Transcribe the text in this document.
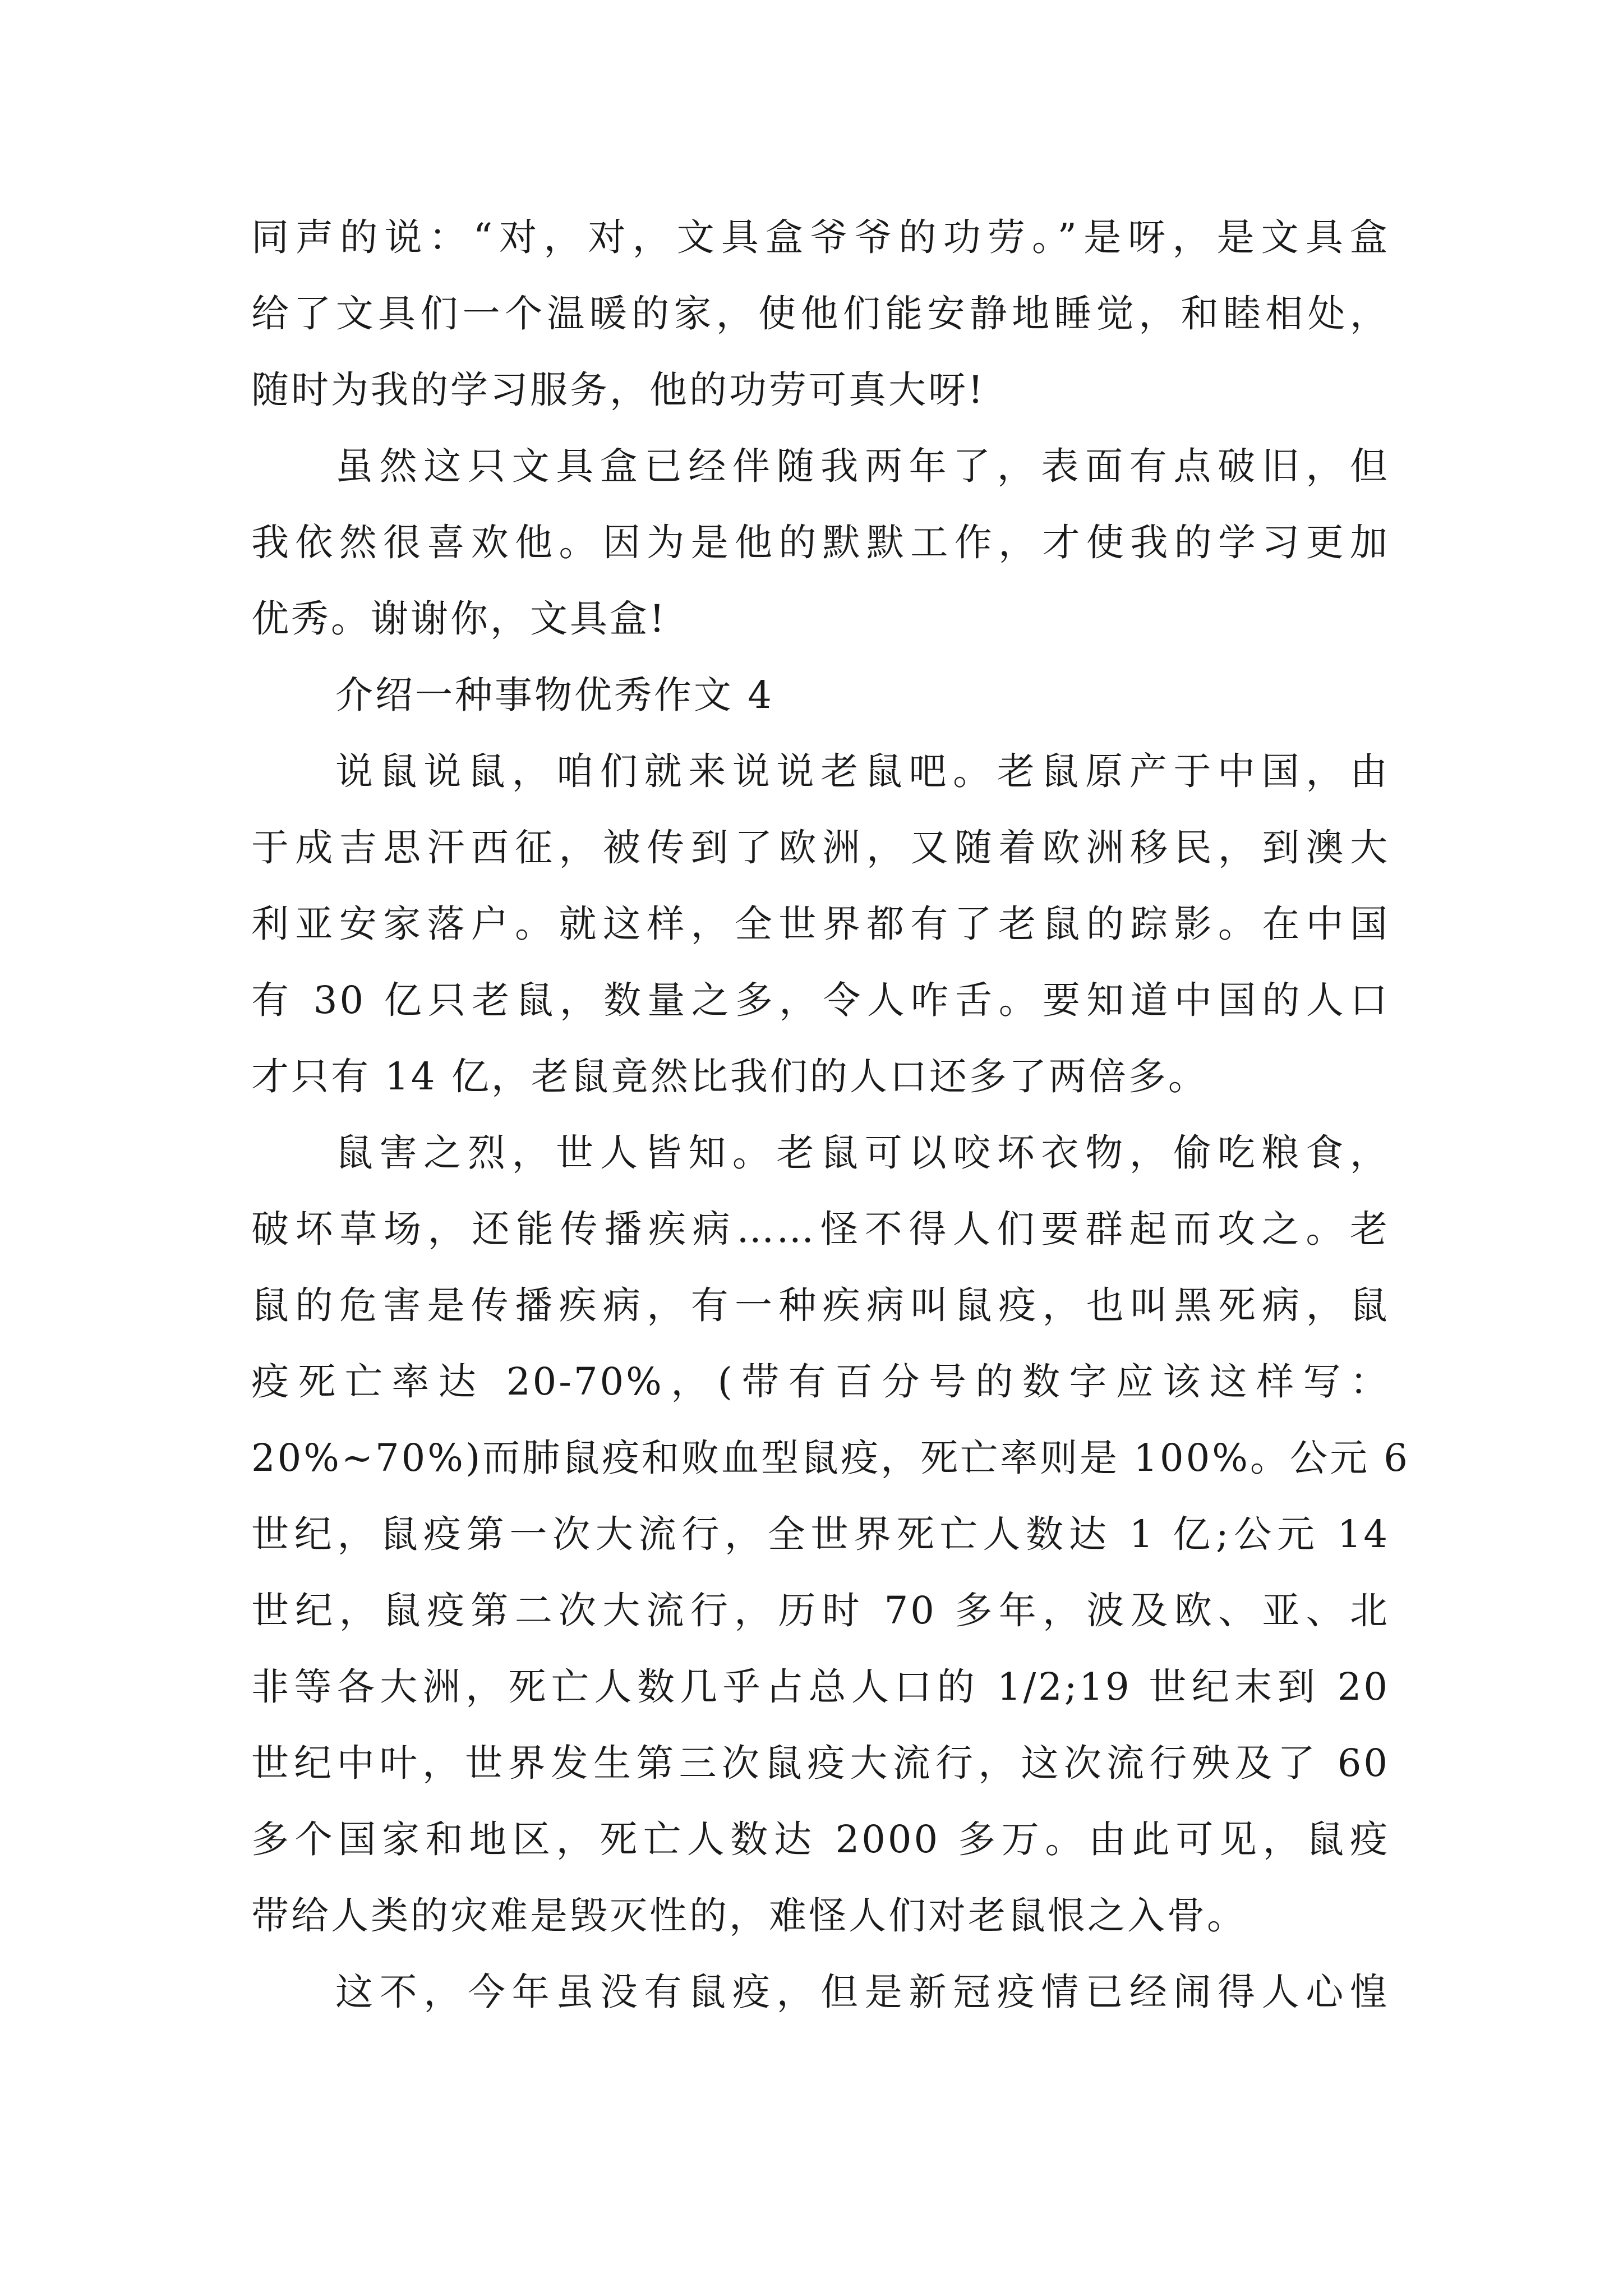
同声的说：“对，对，文具盒爷爷的功劳。”是呀，是文具盒
给了文具们一个温暖的家，使他们能安静地睡觉，和睦相处，
随时为我的学习服务，他的功劳可真大呀!
虽然这只文具盒已经伴随我两年了，表面有点破旧，但
我依然很喜欢他。因为是他的默默工作，才使我的学习更加
优秀。谢谢你，文具盒!
介绍一种事物优秀作文 4
说鼠说鼠，咱们就来说说老鼠吧。老鼠原产于中国，由
于成吉思汗西征，被传到了欧洲，又随着欧洲移民，到澳大
利亚安家落户。就这样，全世界都有了老鼠的踪影。在中国
有 30 亿只老鼠，数量之多，令人咋舌。要知道中国的人口
才只有 14 亿，老鼠竟然比我们的人口还多了两倍多。
鼠害之烈，世人皆知。老鼠可以咬坏衣物，偷吃粮食，
破坏草场，还能传播疾病……怪不得人们要群起而攻之。老
鼠的危害是传播疾病，有一种疾病叫鼠疫，也叫黑死病，鼠
疫死亡率达 20-70%，(带有百分号的数字应该这样写：
20%~70%)而肺鼠疫和败血型鼠疫，死亡率则是 100%。公元 6
世纪，鼠疫第一次大流行，全世界死亡人数达 1 亿;公元 14
世纪，鼠疫第二次大流行，历时 70 多年，波及欧、亚、北
非等各大洲，死亡人数几乎占总人口的 1/2;19 世纪末到 20
世纪中叶，世界发生第三次鼠疫大流行，这次流行殃及了 60
多个国家和地区，死亡人数达 2000 多万。由此可见，鼠疫
带给人类的灾难是毁灭性的，难怪人们对老鼠恨之入骨。
这不，今年虽没有鼠疫，但是新冠疫情已经闹得人心惶
